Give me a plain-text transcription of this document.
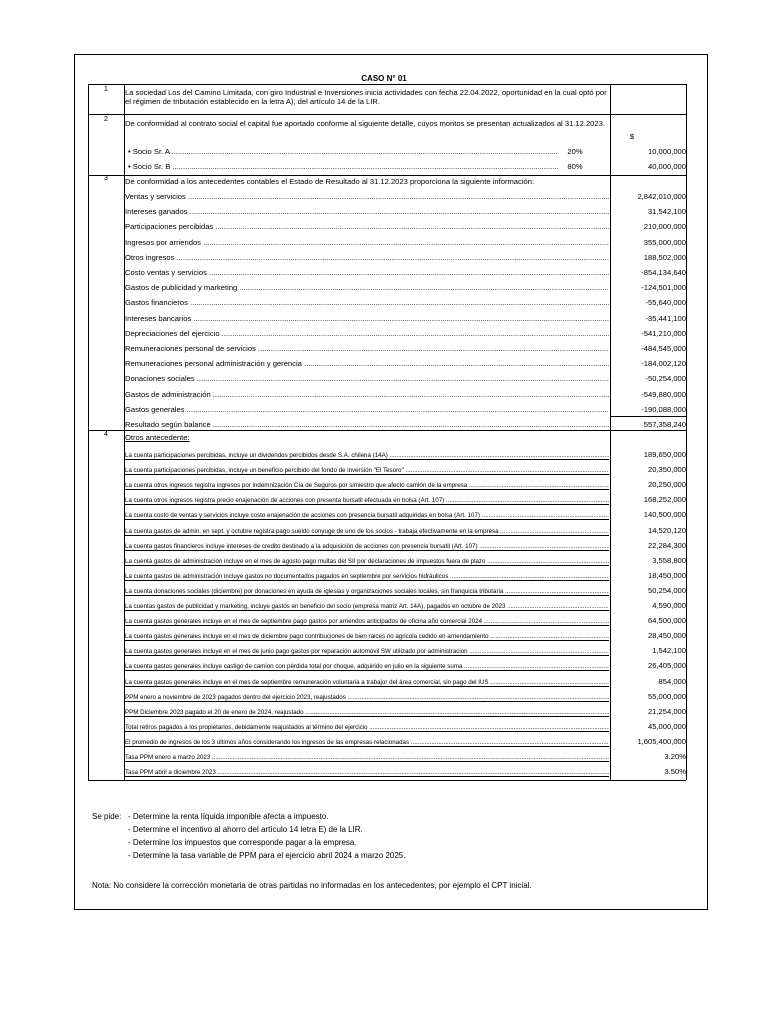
CASO N° 01
1	La sociedad Los del Camino Limitada, con giro Industrial e Inversiones inicia actividades con fecha 22.04.2022, oportunidad en la cual optó por el régimen de tributación establecido en la letra A), del artículo 14 de la LIR.
2	De conformidad al contrato social el capital fue aportado conforme al siguiente detalle, cuyos montos se presentan actualizados al 31.12.2023.
$
• Socio Sr. A .....	20%	10,000,000
• Socio Sr. B .....	80%	40,000,000
3	De conformidad a los antecedentes contables el Estado de Resultado al 31.12.2023 proporciona la siguiente información:
Ventas y servicios .....	2,842,010,000
Intereses ganados .....	31,542,100
Participaciones percibidas .....	210,000,000
Ingresos por arriendos .....	355,000,000
Otros ingresos .....	188,502,000
Costo ventas y servicios .....	-854,134,640
Gastos de publicidad y marketing .....	-124,501,000
Gastos financieros .....	-55,640,000
Intereses bancarios .....	-35,441,100
Depreciaciones del ejercicio .....	-541,210,000
Remuneraciones personal de servicios .....	-484,545,000
Remuneraciones personal administración y gerencia .....	-184,002,120
Donaciones sociales .....	-50,254,000
Gastos de administración .....	-549,880,000
Gastos generales .....	-190,088,000
Resultado según balance .....	557,358,240
4	Otros antecedente:
La cuenta participaciones percibidas, incluye un dividendos percibidos desde S.A. chilena (14A) .....	189,650,000
La cuenta participaciones percibidas, incluye un beneficio percibido del fondo de inversión "El Tesoro" .....	20,350,000
La cuenta otros ingresos registra ingresos por indemnización Cía de Seguros por simiestro que afectó camión de la empresa .....	20,250,000
La cuenta otros ingresos registra precio enajenación de acciones con presenta bursatil efectuada en bolsa (Art. 107) .....	168,252,000
La cuenta costo de ventas y servicios incluye costo enajenación de acciones con presencia bursatil adquiridas en bolsa (Art. 107) .....	140,500,000
La cuenta gastos de admin. en sept. y octubre registra pago sueldo conyuge de uno de los socios - trabaja efectivamente en la empresa .....	14,520,120
La cuenta gastos financieros incluye intereses de credito destinado a la adquisición de acciones con presencia bursatil (Art. 107) .....	22,284,300
La cuenta gastos de administración incluye en el mes de agosto pago multas del SII por declaraciones de impuestos fuera de plazo .....	3,558,800
La cuenta gastos de administración incluye gastos no documentados pagados en septiembre por servicios hidráulicos .....	18,450,000
La cuenta donaciones sociales (diciembre) por donaciones en ayuda de iglesias y organizaciones sociales locales, sin franquicia tributaria .....	50,254,000
La cuentas gastos de publicidad y marketing, incluye gastos en beneficio del socio (empresa matriz Art. 14A), pagados en octubre de 2023 .....	4,590,000
La cuenta gastos generales incluye en el mes de septiembre pago gastos por arriendos anticipados de oficina año comercial 2024 .....	64,500,000
La cuenta gastos generales incluye en el mes de diciembre pago contribuciones de bien raices no agricola cedido en arriendamiento .....	28,450,000
La cuenta gastos generales incluye en el mes de junio pago gastos por reparación automóvil SW utilizado por administracion .....	1,542,100
La cuenta gastos generales incluye castigo de camion con pérdida total por choque, adquirido en julio en la siguiente suma .....	26,405,000
La cuenta gastos generales incluye en el mes de septiembre remuneración voluntaria a trabajor del área comercial, sin pago del IUS .....	854,000
PPM enero a noviembre de 2023 pagados dentro del ejercicio 2023, reajustados .....	55,000,000
PPM Diciembre 2023 pagado el 20 de enero de 2024, reajustado .....	21,254,000
Total retiros pagados a los propietarios, debidamente reajustados al término del ejercicio .....	45,000,000
El promedio de ingresos de los 3 últimos años considerando los ingresos de las empresas relacionadas .....	1,605,400,000
Tasa PPM enero a marzo 2023 .....	3.20%
Tasa PPM abril a diciembre 2023 .....	3.50%
Se pide: - Determine la renta líquida imponible afecta a impuesto.
- Determine el incentivo al ahorro del artículo 14 letra E) de la LIR.
- Determine los impuestos que corresponde pagar a la empresa.
- Determine la tasa variable de PPM para el ejercicio abril 2024 a marzo 2025.
Nota: No considere la corrección monetaria de otras partidas no informadas en los antecedentes, por ejemplo el CPT inicial.
